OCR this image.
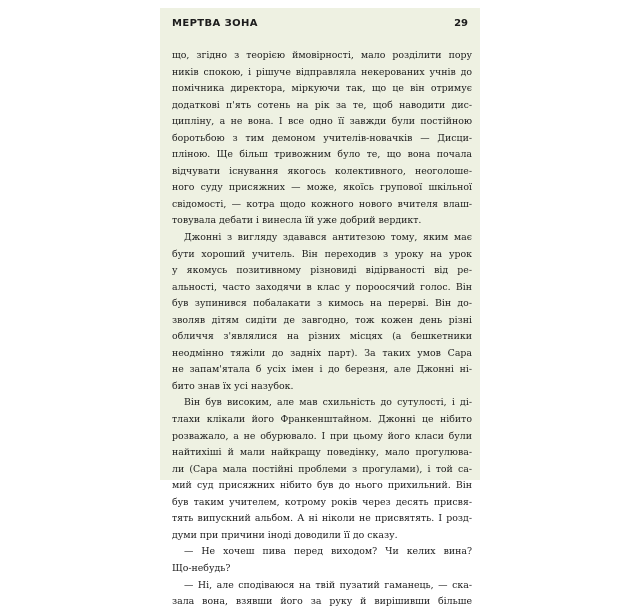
МЕРТВА ЗОНА	29
що, згідно з теорією ймовірності, мало розділити пору
ників спокою, і рішуче відправляла некерованих учнів до
помічника директора, міркуючи так, що це він отримує
додаткові п'ять сотень на рік за те, щоб наводити дис-
ципліну, а не вона. І все одно її завжди були постійною
боротьбою з тим демоном учителів-новачків — Дисци-
пліною. Ще більш тривожним було те, що вона почала
відчувати існування якогось колективного, неоголоше-
ного суду присяжних — може, якоїсь групової шкільної
свідомості, — котра щодо кожного нового вчителя влаш-
товувала дебати і винесла їй уже добрий вердикт.
Джонні з вигляду здавався антитезою тому, яким має
бути хороший учитель. Він переходив з уроку на урок
у якомусь позитивному різновиді відірваності від ре-
альності, часто заходячи в клас у пороосячий голос. Він
був зупинився побалакати з кимось на перерві. Він до-
зволяв дітям сидіти де завгодно, тож кожен день різні
обличчя з'являлися на різних місцях (а бешкетники
неодмінно тяжіли до задніх парт). За таких умов Сара
не запам'ятала б усіх імен і до березня, але Джонні ні-
бито знав їх усі назубок.
Він був високим, але мав схильність до сутулості, і ді-
тлахи клікали його Франкенштайном. Джонні це нібито
розважало, а не обурювало. І при цьому його класи були
найтихіші й мали найкращу поведінку, мало прогулюва-
ли (Сара мала постійні проблеми з прогулами), і той са-
мий суд присяжних нібито був до нього прихильний. Він
був таким учителем, котрому років через десять присвя-
тять випускний альбом. А ні ніколи не присвятять. І розд-
думи при причини іноді доводили її до сказу.
— Не хочеш пива перед виходом? Чи келих вина?
Що-небудь?
— Ні, але сподіваюся на твій пузатий гаманець, — ска-
зала вона, взявши його за руку й вирішивши більше
